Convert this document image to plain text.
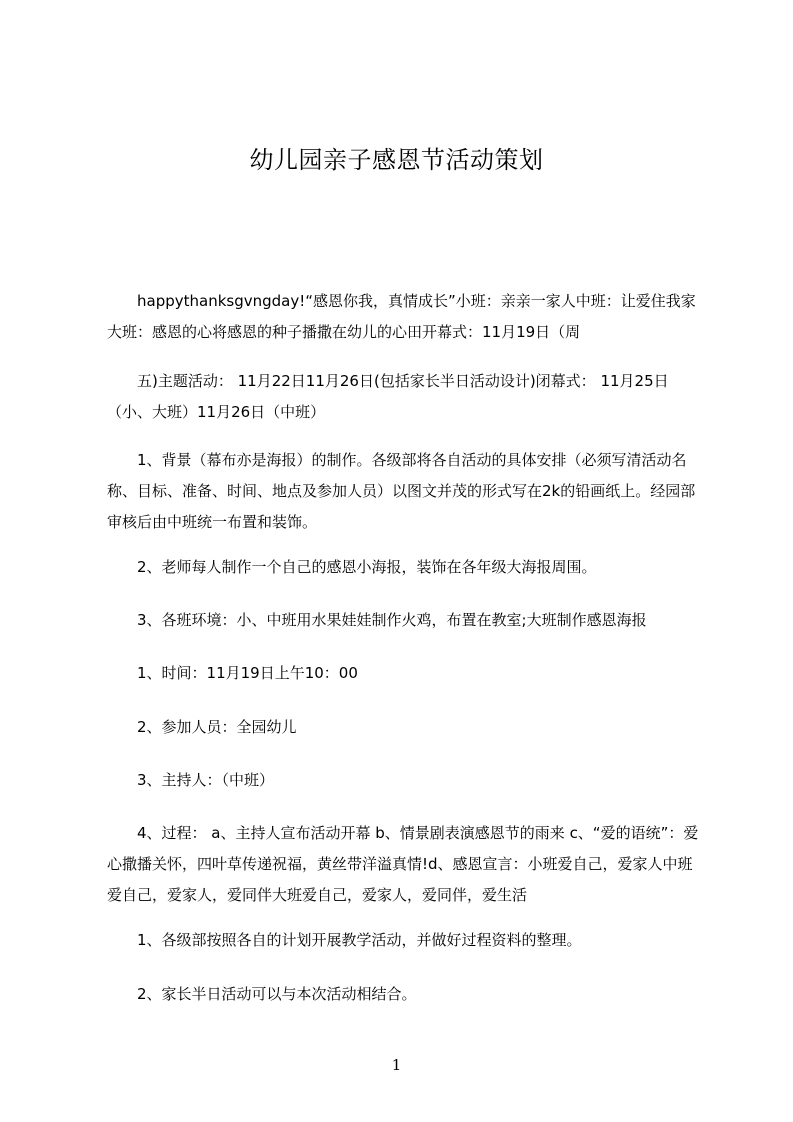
幼儿园亲子感恩节活动策划

　　happythanksgvngday!“感恩你我，真情成长”小班：亲亲一家人中班：让爱住我家大班：感恩的心将感恩的种子播撒在幼儿的心田开幕式：11月19日（周

　　五)主题活动： 11月22日11月26日(包括家长半日活动设计)闭幕式： 11月25日（小、大班）11月26日（中班）

　　1、背景（幕布亦是海报）的制作。各级部将各自活动的具体安排（必须写清活动名称、目标、准备、时间、地点及参加人员）以图文并茂的形式写在2k的铅画纸上。经园部审核后由中班统一布置和装饰。

　　2、老师每人制作一个自己的感恩小海报，装饰在各年级大海报周围。

　　3、各班环境：小、中班用水果娃娃制作火鸡，布置在教室;大班制作感恩海报

　　1、时间：11月19日上午10：00

　　2、参加人员：全园幼儿

　　3、主持人：（中班）

　　4、过程： a、主持人宣布活动开幕 b、情景剧表演感恩节的雨来 c、“爱的语统”：爱心撒播关怀，四叶草传递祝福，黄丝带洋溢真情!d、感恩宣言：小班爱自己，爱家人中班爱自己，爱家人，爱同伴大班爱自己，爱家人，爱同伴，爱生活

　　1、各级部按照各自的计划开展教学活动，并做好过程资料的整理。

　　2、家长半日活动可以与本次活动相结合。

1
